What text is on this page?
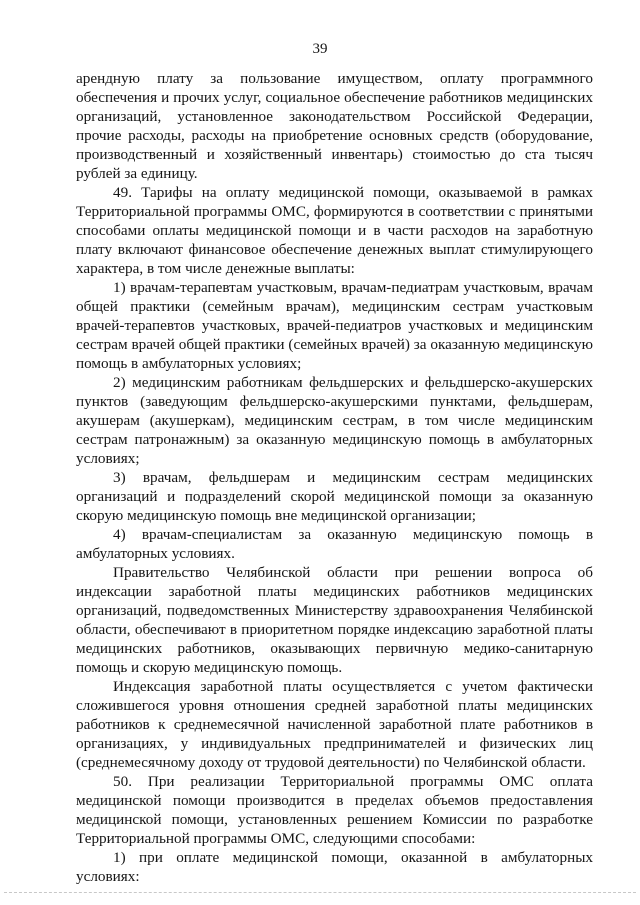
39

арендную плату за пользование имуществом, оплату программного обеспечения и прочих услуг, социальное обеспечение работников медицинских организаций, установленное законодательством Российской Федерации, прочие расходы, расходы на приобретение основных средств (оборудование, производственный и хозяйственный инвентарь) стоимостью до ста тысяч рублей за единицу.

49. Тарифы на оплату медицинской помощи, оказываемой в рамках Территориальной программы ОМС, формируются в соответствии с принятыми способами оплаты медицинской помощи и в части расходов на заработную плату включают финансовое обеспечение денежных выплат стимулирующего характера, в том числе денежные выплаты:

1) врачам-терапевтам участковым, врачам-педиатрам участковым, врачам общей практики (семейным врачам), медицинским сестрам участковым врачей-терапевтов участковых, врачей-педиатров участковых и медицинским сестрам врачей общей практики (семейных врачей) за оказанную медицинскую помощь в амбулаторных условиях;

2) медицинским работникам фельдшерских и фельдшерско-акушерских пунктов (заведующим фельдшерско-акушерскими пунктами, фельдшерам, акушерам (акушеркам), медицинским сестрам, в том числе медицинским сестрам патронажным) за оказанную медицинскую помощь в амбулаторных условиях;

3) врачам, фельдшерам и медицинским сестрам медицинских организаций и подразделений скорой медицинской помощи за оказанную скорую медицинскую помощь вне медицинской организации;

4) врачам-специалистам за оказанную медицинскую помощь в амбулаторных условиях.

Правительство Челябинской области при решении вопроса об индексации заработной платы медицинских работников медицинских организаций, подведомственных Министерству здравоохранения Челябинской области, обеспечивают в приоритетном порядке индексацию заработной платы медицинских работников, оказывающих первичную медико-санитарную помощь и скорую медицинскую помощь.

Индексация заработной платы осуществляется с учетом фактически сложившегося уровня отношения средней заработной платы медицинских работников к среднемесячной начисленной заработной плате работников в организациях, у индивидуальных предпринимателей и физических лиц (среднемесячному доходу от трудовой деятельности) по Челябинской области.

50. При реализации Территориальной программы ОМС оплата медицинской помощи производится в пределах объемов предоставления медицинской помощи, установленных решением Комиссии по разработке Территориальной программы ОМС, следующими способами:

1) при оплате медицинской помощи, оказанной в амбулаторных условиях:
